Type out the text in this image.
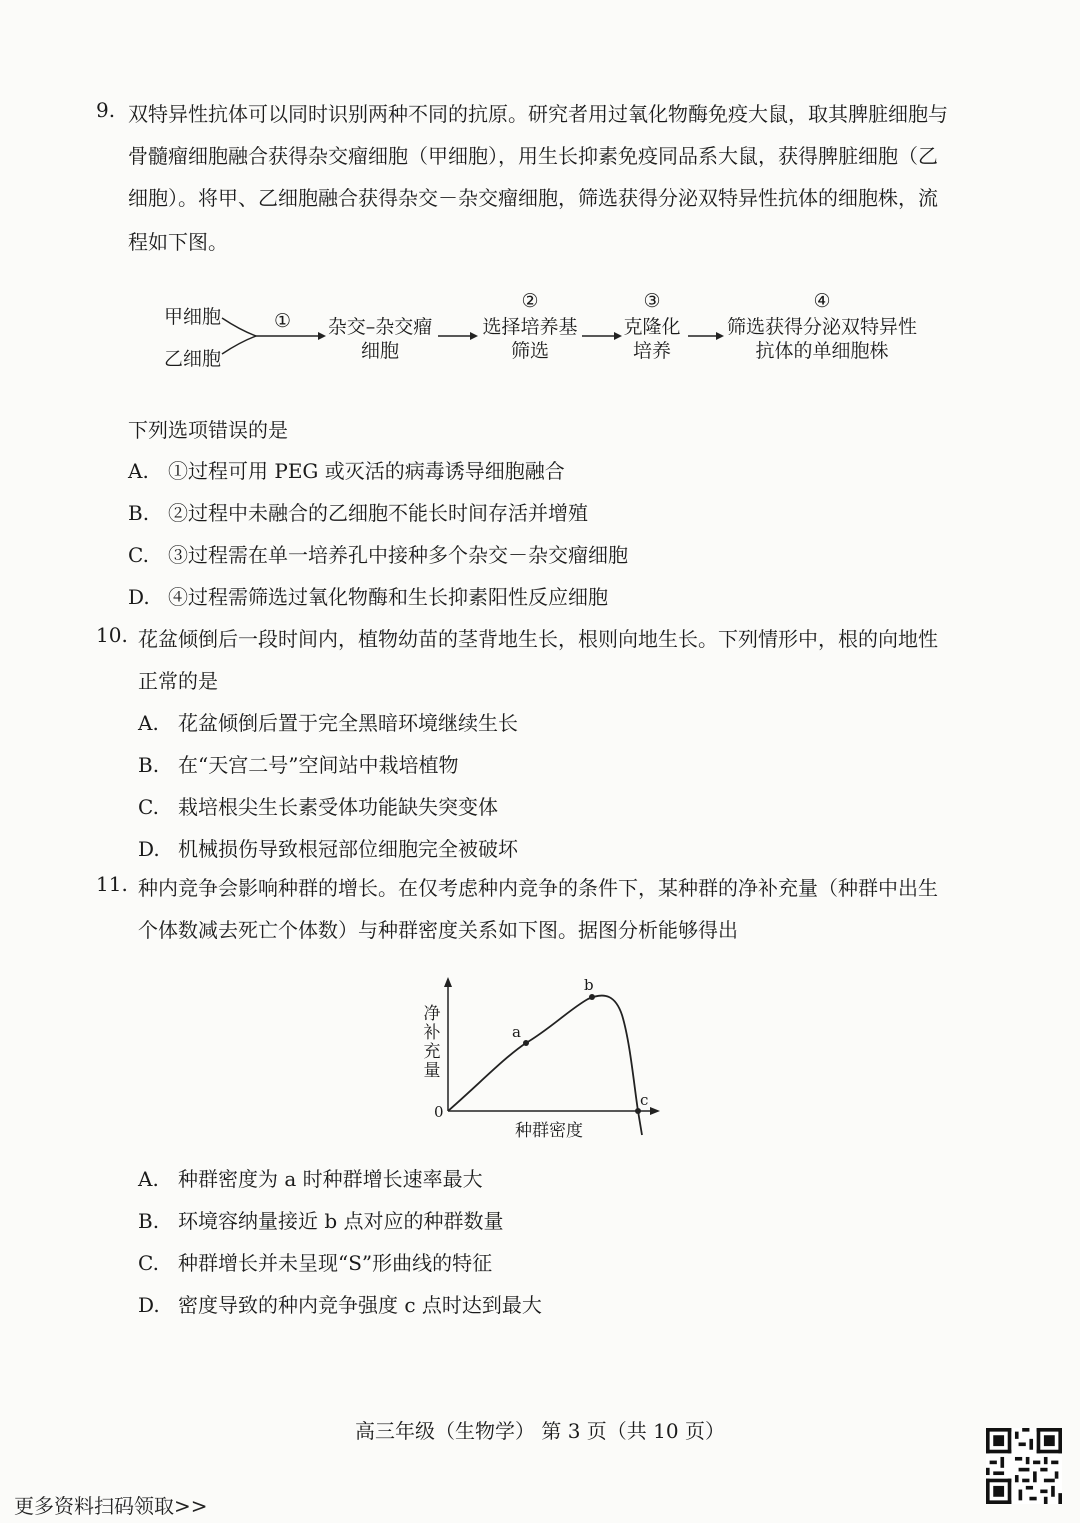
9. 双特异性抗体可以同时识别两种不同的抗原。研究者用过氧化物酶免疫大鼠，取其脾脏细胞与
骨髓瘤细胞融合获得杂交瘤细胞（甲细胞），用生长抑素免疫同品系大鼠，获得脾脏细胞（乙
细胞）。将甲、乙细胞融合获得杂交－杂交瘤细胞，筛选获得分泌双特异性抗体的细胞株，流
程如下图。
甲细胞
乙细胞
① 杂交–杂交瘤
细胞
②
选择培养基
筛选
③
克隆化
培养
④
筛选获得分泌双特异性
抗体的单细胞株
下列选项错误的是
A. ①过程可用 PEG 或灭活的病毒诱导细胞融合
B. ②过程中未融合的乙细胞不能长时间存活并增殖
C. ③过程需在单一培养孔中接种多个杂交－杂交瘤细胞
D. ④过程需筛选过氧化物酶和生长抑素阳性反应细胞
10. 花盆倾倒后一段时间内，植物幼苗的茎背地生长，根则向地生长。下列情形中，根的向地性
正常的是
A. 花盆倾倒后置于完全黑暗环境继续生长
B. 在“天宫二号”空间站中栽培植物
C. 栽培根尖生长素受体功能缺失突变体
D. 机械损伤导致根冠部位细胞完全被破坏
11. 种内竞争会影响种群的增长。在仅考虑种内竞争的条件下，某种群的净补充量（种群中出生
个体数减去死亡个体数）与种群密度关系如下图。据图分析能够得出
净补充量
种群密度
0
a
b
c
A. 种群密度为 a 时种群增长速率最大
B. 环境容纳量接近 b 点对应的种群数量
C. 种群增长并未呈现“S”形曲线的特征
D. 密度导致的种内竞争强度 c 点时达到最大
高三年级（生物学） 第 3 页（共 10 页）
更多资料扫码领取>>
